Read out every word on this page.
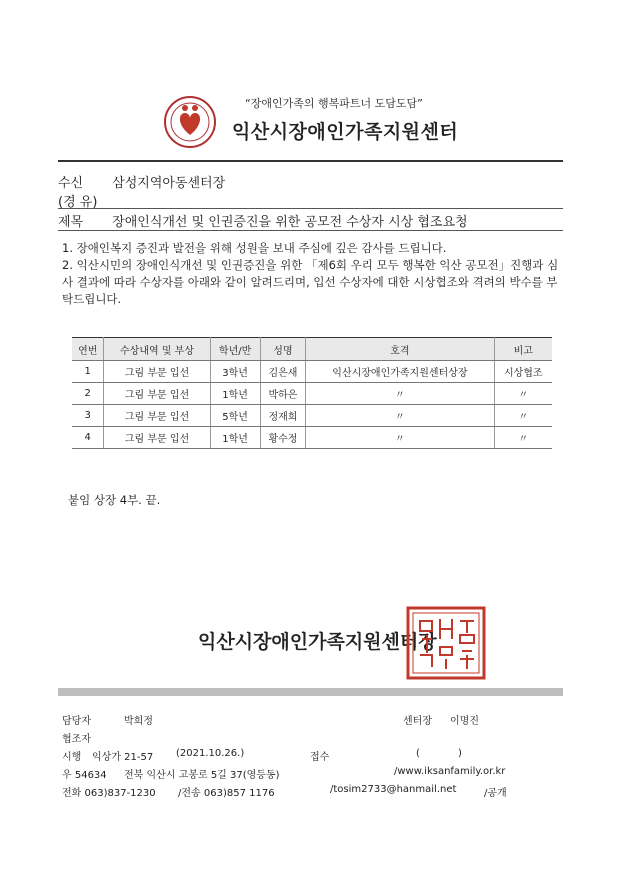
“장애인가족의 행복파트너 도담도담”
익산시장애인가족지원센터
수신 삼성지역아동센터장
(경 유)
제목 장애인식개선 및 인권증진을 위한 공모전 수상자 시상 협조요청

1. 장애인복지 증진과 발전을 위해 성원을 보내 주심에 깊은 감사를 드립니다.

2. 익산시민의 장애인식개선 및 인권증진을 위한 「제6회 우리 모두 행복한 익산 공모전」진행과 심사 결과에 따라 수상자를 아래와 같이 알려드리며, 입선 수상자에 대한 시상협조와 격려의 박수를 부탁드립니다.

연번	수상내역 및 부상	학년/반	성명	호격	비고
1	그림 부문 입선	3학년	김은새	익산시장애인가족지원센터상장	시상협조
2	그림 부문 입선	1학년	박하은	〃	〃
3	그림 부문 입선	5학년	정재희	〃	〃
4	그림 부문 입선	1학년	황수정	〃	〃
붙임 상장 4부. 끝.
익산시장애인가족지원센터장
담당자	박희정	센터장 이명진
협조자
시행 익상가 21-57 (2021.10.26.)	접수	(            )
우 54634 전북 익산시 고봉로 5길 37(영등동)	/www.iksanfamily.or.kr
전화 063)837-1230 /전송 063)857 1176	/tosim2733@hanmail.net	/공개
